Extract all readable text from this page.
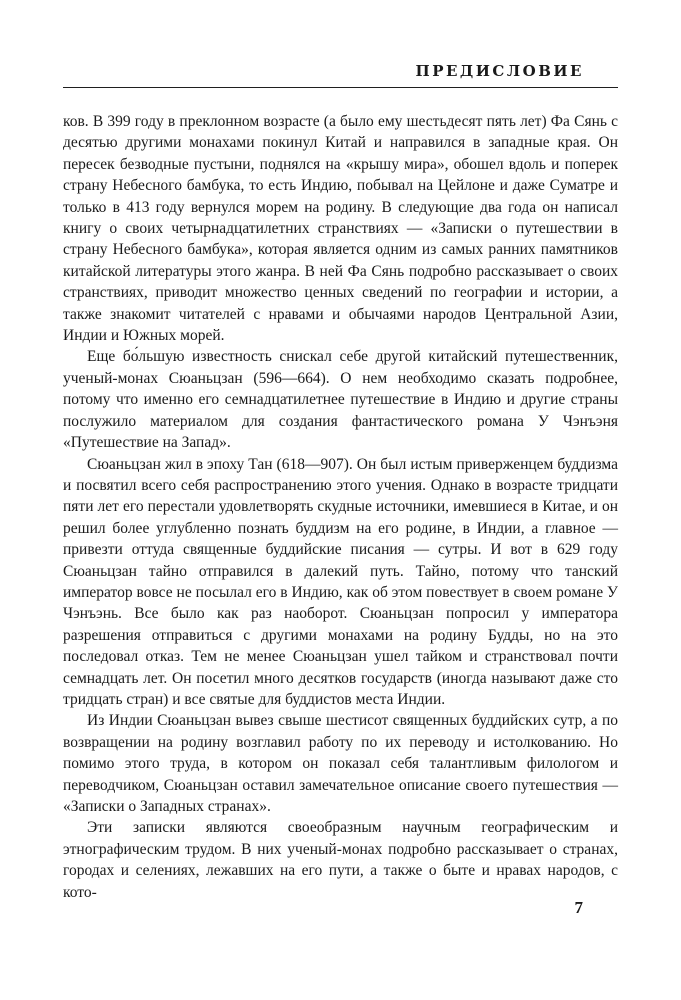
ПРЕДИСЛОВИЕ

ков. В 399 году в преклонном возрасте (а было ему шестьдесят пять лет) Фа Сянь с десятью другими монахами покинул Китай и направился в западные края. Он пересек безводные пустыни, поднялся на «крышу мира», обошел вдоль и поперек страну Небесного бамбука, то есть Индию, побывал на Цейлоне и даже Суматре и только в 413 году вернулся морем на родину. В следующие два года он написал книгу о своих четырнадцатилетних странствиях — «Записки о путешествии в страну Небесного бамбука», которая является одним из самых ранних памятников китайской литературы этого жанра. В ней Фа Сянь подробно рассказывает о своих странствиях, приводит множество ценных сведений по географии и истории, а также знакомит читателей с нравами и обычаями народов Центральной Азии, Индии и Южных морей.

Еще бо́льшую известность снискал себе другой китайский путешественник, ученый-монах Сюаньцзан (596—664). О нем необходимо сказать подробнее, потому что именно его семнадцатилетнее путешествие в Индию и другие страны послужило материалом для создания фантастического романа У Чэнъэня «Путешествие на Запад».

Сюаньцзан жил в эпоху Тан (618—907). Он был истым приверженцем буддизма и посвятил всего себя распространению этого учения. Однако в возрасте тридцати пяти лет его перестали удовлетворять скудные источники, имевшиеся в Китае, и он решил более углубленно познать буддизм на его родине, в Индии, а главное — привезти оттуда священные буддийские писания — сутры. И вот в 629 году Сюаньцзан тайно отправился в далекий путь. Тайно, потому что танский император вовсе не посылал его в Индию, как об этом повествует в своем романе У Чэнъэнь. Все было как раз наоборот. Сюаньцзан попросил у императора разрешения отправиться с другими монахами на родину Будды, но на это последовал отказ. Тем не менее Сюаньцзан ушел тайком и странствовал почти семнадцать лет. Он посетил много десятков государств (иногда называют даже сто тридцать стран) и все святые для буддистов места Индии.

Из Индии Сюаньцзан вывез свыше шестисот священных буддийских сутр, а по возвращении на родину возглавил работу по их переводу и истолкованию. Но помимо этого труда, в котором он показал себя талантливым филологом и переводчиком, Сюаньцзан оставил замечательное описание своего путешествия — «Записки о Западных странах».

Эти записки являются своеобразным научным географическим и этнографическим трудом. В них ученый-монах подробно рассказывает о странах, городах и селениях, лежавших на его пути, а также о быте и нравах народов, с кото-

7
